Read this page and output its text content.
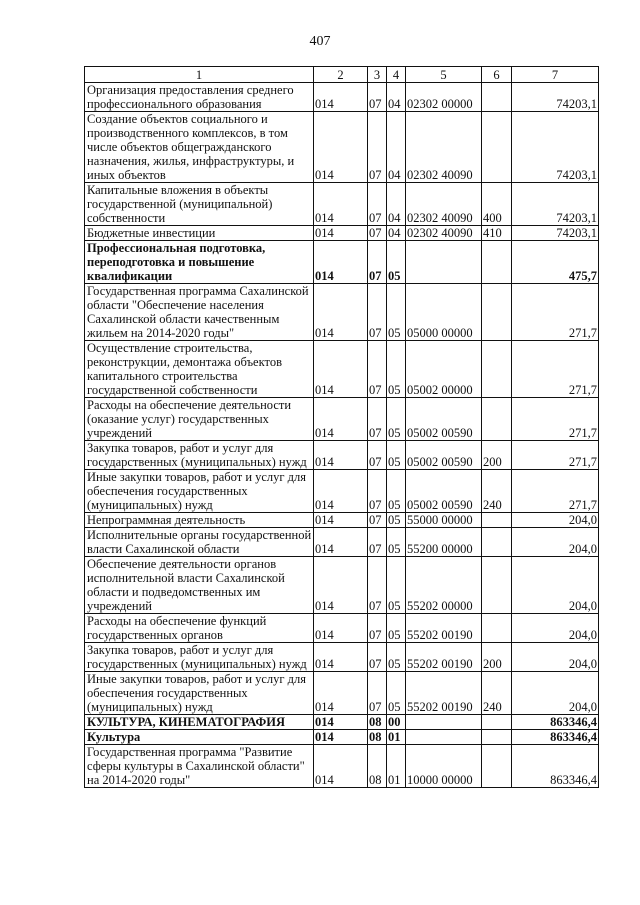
407
1	2	3	4	5	6	7
Организация предоставления среднего профессионального образования	014	07	04	02302 00000		74203,1
Создание объектов социального и производственного комплексов, в том числе объектов общегражданского назначения, жилья, инфраструктуры, и иных объектов	014	07	04	02302 40090		74203,1
Капитальные вложения в объекты государственной (муниципальной) собственности	014	07	04	02302 40090	400	74203,1
Бюджетные инвестиции	014	07	04	02302 40090	410	74203,1
Профессиональная подготовка, переподготовка и повышение квалификации	014	07	05			475,7
Государственная программа Сахалинской области "Обеспечение населения Сахалинской области качественным жильем на 2014-2020 годы"	014	07	05	05000 00000		271,7
Осуществление строительства, реконструкции, демонтажа объектов капитального строительства государственной собственности	014	07	05	05002 00000		271,7
Расходы на обеспечение деятельности (оказание услуг) государственных учреждений	014	07	05	05002 00590		271,7
Закупка товаров, работ и услуг для государственных (муниципальных) нужд	014	07	05	05002 00590	200	271,7
Иные закупки товаров, работ и услуг для обеспечения государственных (муниципальных) нужд	014	07	05	05002 00590	240	271,7
Непрограммная деятельность	014	07	05	55000 00000		204,0
Исполнительные органы государственной власти Сахалинской области	014	07	05	55200 00000		204,0
Обеспечение деятельности органов исполнительной власти Сахалинской области и подведомственных им учреждений	014	07	05	55202 00000		204,0
Расходы на обеспечение функций государственных органов	014	07	05	55202 00190		204,0
Закупка товаров, работ и услуг для государственных (муниципальных) нужд	014	07	05	55202 00190	200	204,0
Иные закупки товаров, работ и услуг для обеспечения государственных (муниципальных) нужд	014	07	05	55202 00190	240	204,0
КУЛЬТУРА, КИНЕМАТОГРАФИЯ	014	08	00			863346,4
Культура	014	08	01			863346,4
Государственная программа "Развитие сферы культуры в Сахалинской области" на 2014-2020 годы"	014	08	01	10000 00000		863346,4
